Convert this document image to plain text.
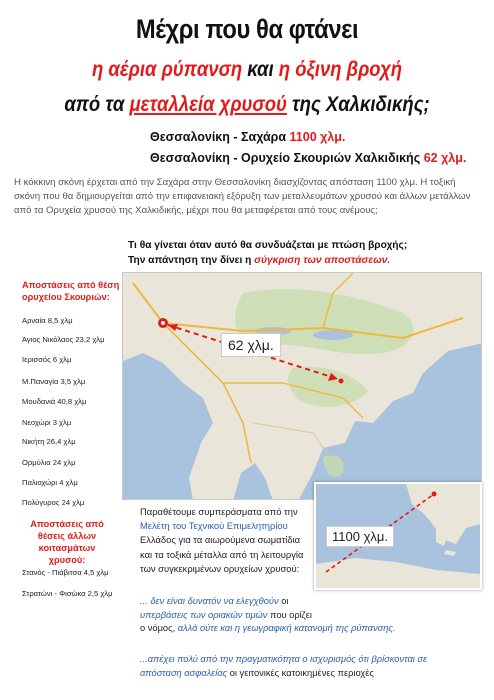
Μέχρι που θα φτάνει
η αέρια ρύπανση και η όξινη βροχή
από τα μεταλλεία χρυσού της Χαλκιδικής;
Θεσσαλονίκη - Σαχάρα 1100 χλμ.
Θεσσαλονίκη - Ορυχείο Σκουριών Χαλκιδικής 62 χλμ.
Η κόκκινη σκόνη έρχεται από την Σαχάρα στην Θεσσαλονίκη διασχίζοντας απόσταση 1100 χλμ. Η τοξική σκόνη που θα δημιουργείται από την επιφανειακή εξόρυξη των μεταλλευμάτων χρυσού και άλλων μετάλλων από τα Ορυχεία χρυσού της Χαλκιδικής, μέχρι που θα μεταφέρεται από τους ανέμους;
Τι θα γίνεται όταν αυτό θα συνδυάζεται με πτώση βροχής;
Την απάντηση την δίνει η σύγκριση των αποστάσεων.
Αποστάσεις από θέση ορυχείου Σκουριών:
Αρναία 8,5 χλμ
Άγιος Νικόλαος 23,2 χλμ
Ιερισσός 6 χλμ
Μ.Παναγία 3,5 χλμ
Μουδανιά 40,8 χλμ
Νεοχώρι 3 χλμ
Νικήτη 26,4 χλμ
Ορμύλια 24 χλμ
Παλιοχώρι 4 χλμ
Πολύγυρος 24 χλμ
Αποστάσεις από θέσεις άλλων κοιτασμάτων χρυσού:
Στανός - Πιάβιτσα 4,5 χλμ
Στρατώνι - Φισώκα 2,5 χλμ
62 χλμ.
1100 χλμ.
Παραθέτουμε συμπεράσματα από την
Μελέτη του Τεχνικού Επιμελητηρίου
Ελλάδος για τα αιωρούμενα σωματίδια
και τα τοξικά μέταλλα από τη λειτουργία
των συγκεκριμένων ορυχείων χρυσού:
... δεν είναι δυνατόν να ελεγχθούν οι
υπερβάσεις των οριακών τιμών που ορίζει
ο νόμος, αλλά ούτε και η γεωγραφική κατανομή της ρύπανσης.
...απέχει πολύ από την πραγματικότητα ο ισχυρισμός ότι βρίσκονται σε
απόσταση ασφαλείας οι γειτονικές κατοικημένες περιοχές
